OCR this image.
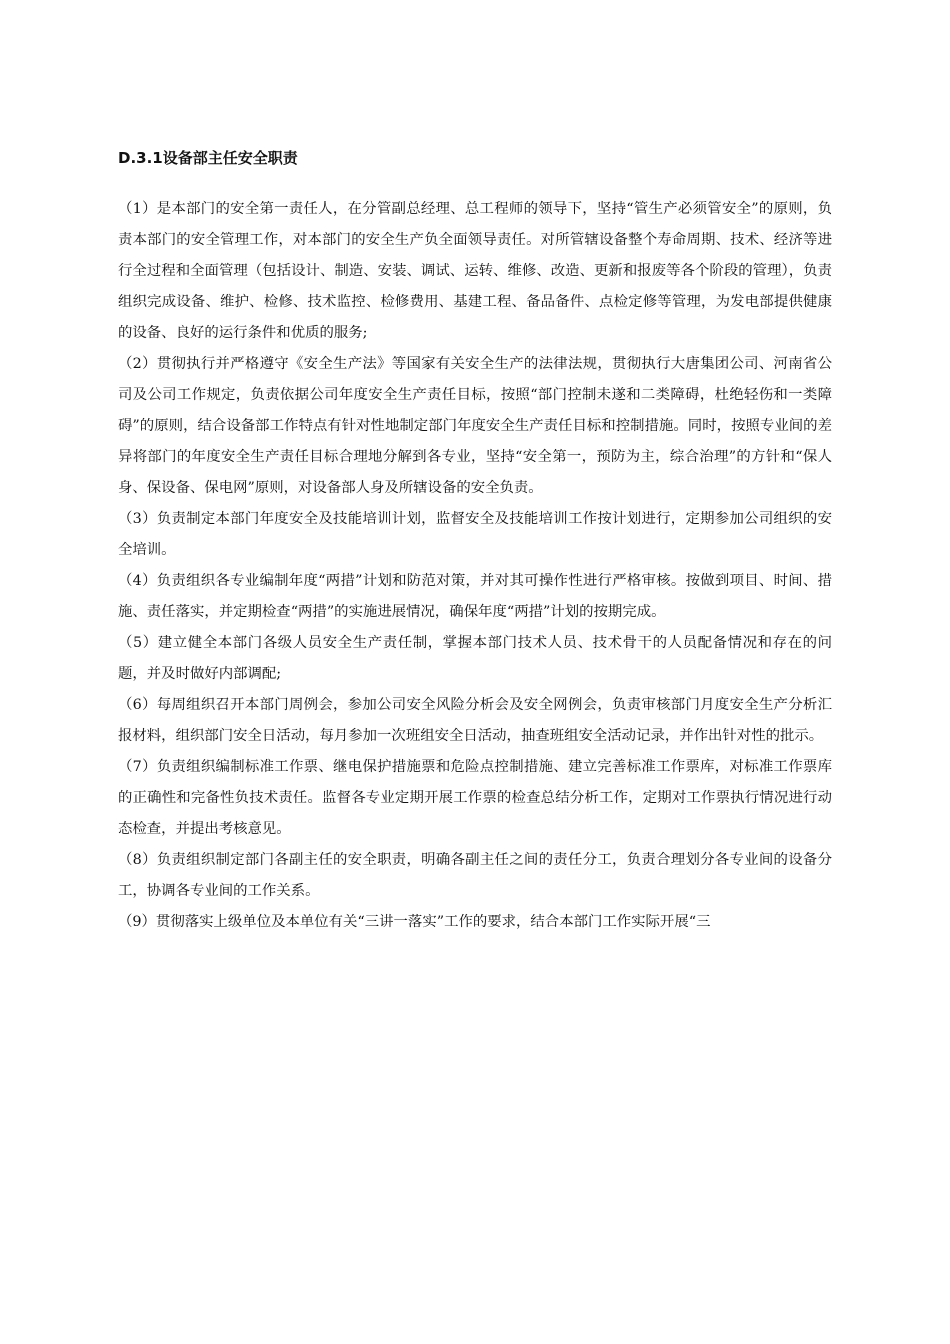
D.3.1设备部主任安全职责

（1）是本部门的安全第一责任人，在分管副总经理、总工程师的领导下，坚持“管生产必须管安全”的原则，负责本部门的安全管理工作，对本部门的安全生产负全面领导责任。对所管辖设备整个寿命周期、技术、经济等进行全过程和全面管理（包括设计、制造、安装、调试、运转、维修、改造、更新和报废等各个阶段的管理），负责组织完成设备、维护、检修、技术监控、检修费用、基建工程、备品备件、点检定修等管理，为发电部提供健康的设备、良好的运行条件和优质的服务;

（2）贯彻执行并严格遵守《安全生产法》等国家有关安全生产的法律法规，贯彻执行大唐集团公司、河南省公司及公司工作规定，负责依据公司年度安全生产责任目标，按照“部门控制未遂和二类障碍，杜绝轻伤和一类障碍”的原则，结合设备部工作特点有针对性地制定部门年度安全生产责任目标和控制措施。同时，按照专业间的差异将部门的年度安全生产责任目标合理地分解到各专业，坚持“安全第一，预防为主，综合治理”的方针和“保人身、保设备、保电网”原则，对设备部人身及所辖设备的安全负责。

（3）负责制定本部门年度安全及技能培训计划，监督安全及技能培训工作按计划进行，定期参加公司组织的安全培训。

（4）负责组织各专业编制年度“两措”计划和防范对策，并对其可操作性进行严格审核。按做到项目、时间、措施、责任落实，并定期检查“两措”的实施进展情况，确保年度“两措”计划的按期完成。

（5）建立健全本部门各级人员安全生产责任制，掌握本部门技术人员、技术骨干的人员配备情况和存在的问题，并及时做好内部调配;

（6）每周组织召开本部门周例会，参加公司安全风险分析会及安全网例会，负责审核部门月度安全生产分析汇报材料，组织部门安全日活动，每月参加一次班组安全日活动，抽查班组安全活动记录，并作出针对性的批示。

（7）负责组织编制标准工作票、继电保护措施票和危险点控制措施、建立完善标准工作票库，对标准工作票库的正确性和完备性负技术责任。监督各专业定期开展工作票的检查总结分析工作，定期对工作票执行情况进行动态检查，并提出考核意见。

（8）负责组织制定部门各副主任的安全职责，明确各副主任之间的责任分工，负责合理划分各专业间的设备分工，协调各专业间的工作关系。

（9）贯彻落实上级单位及本单位有关“三讲一落实”工作的要求，结合本部门工作实际开展“三
